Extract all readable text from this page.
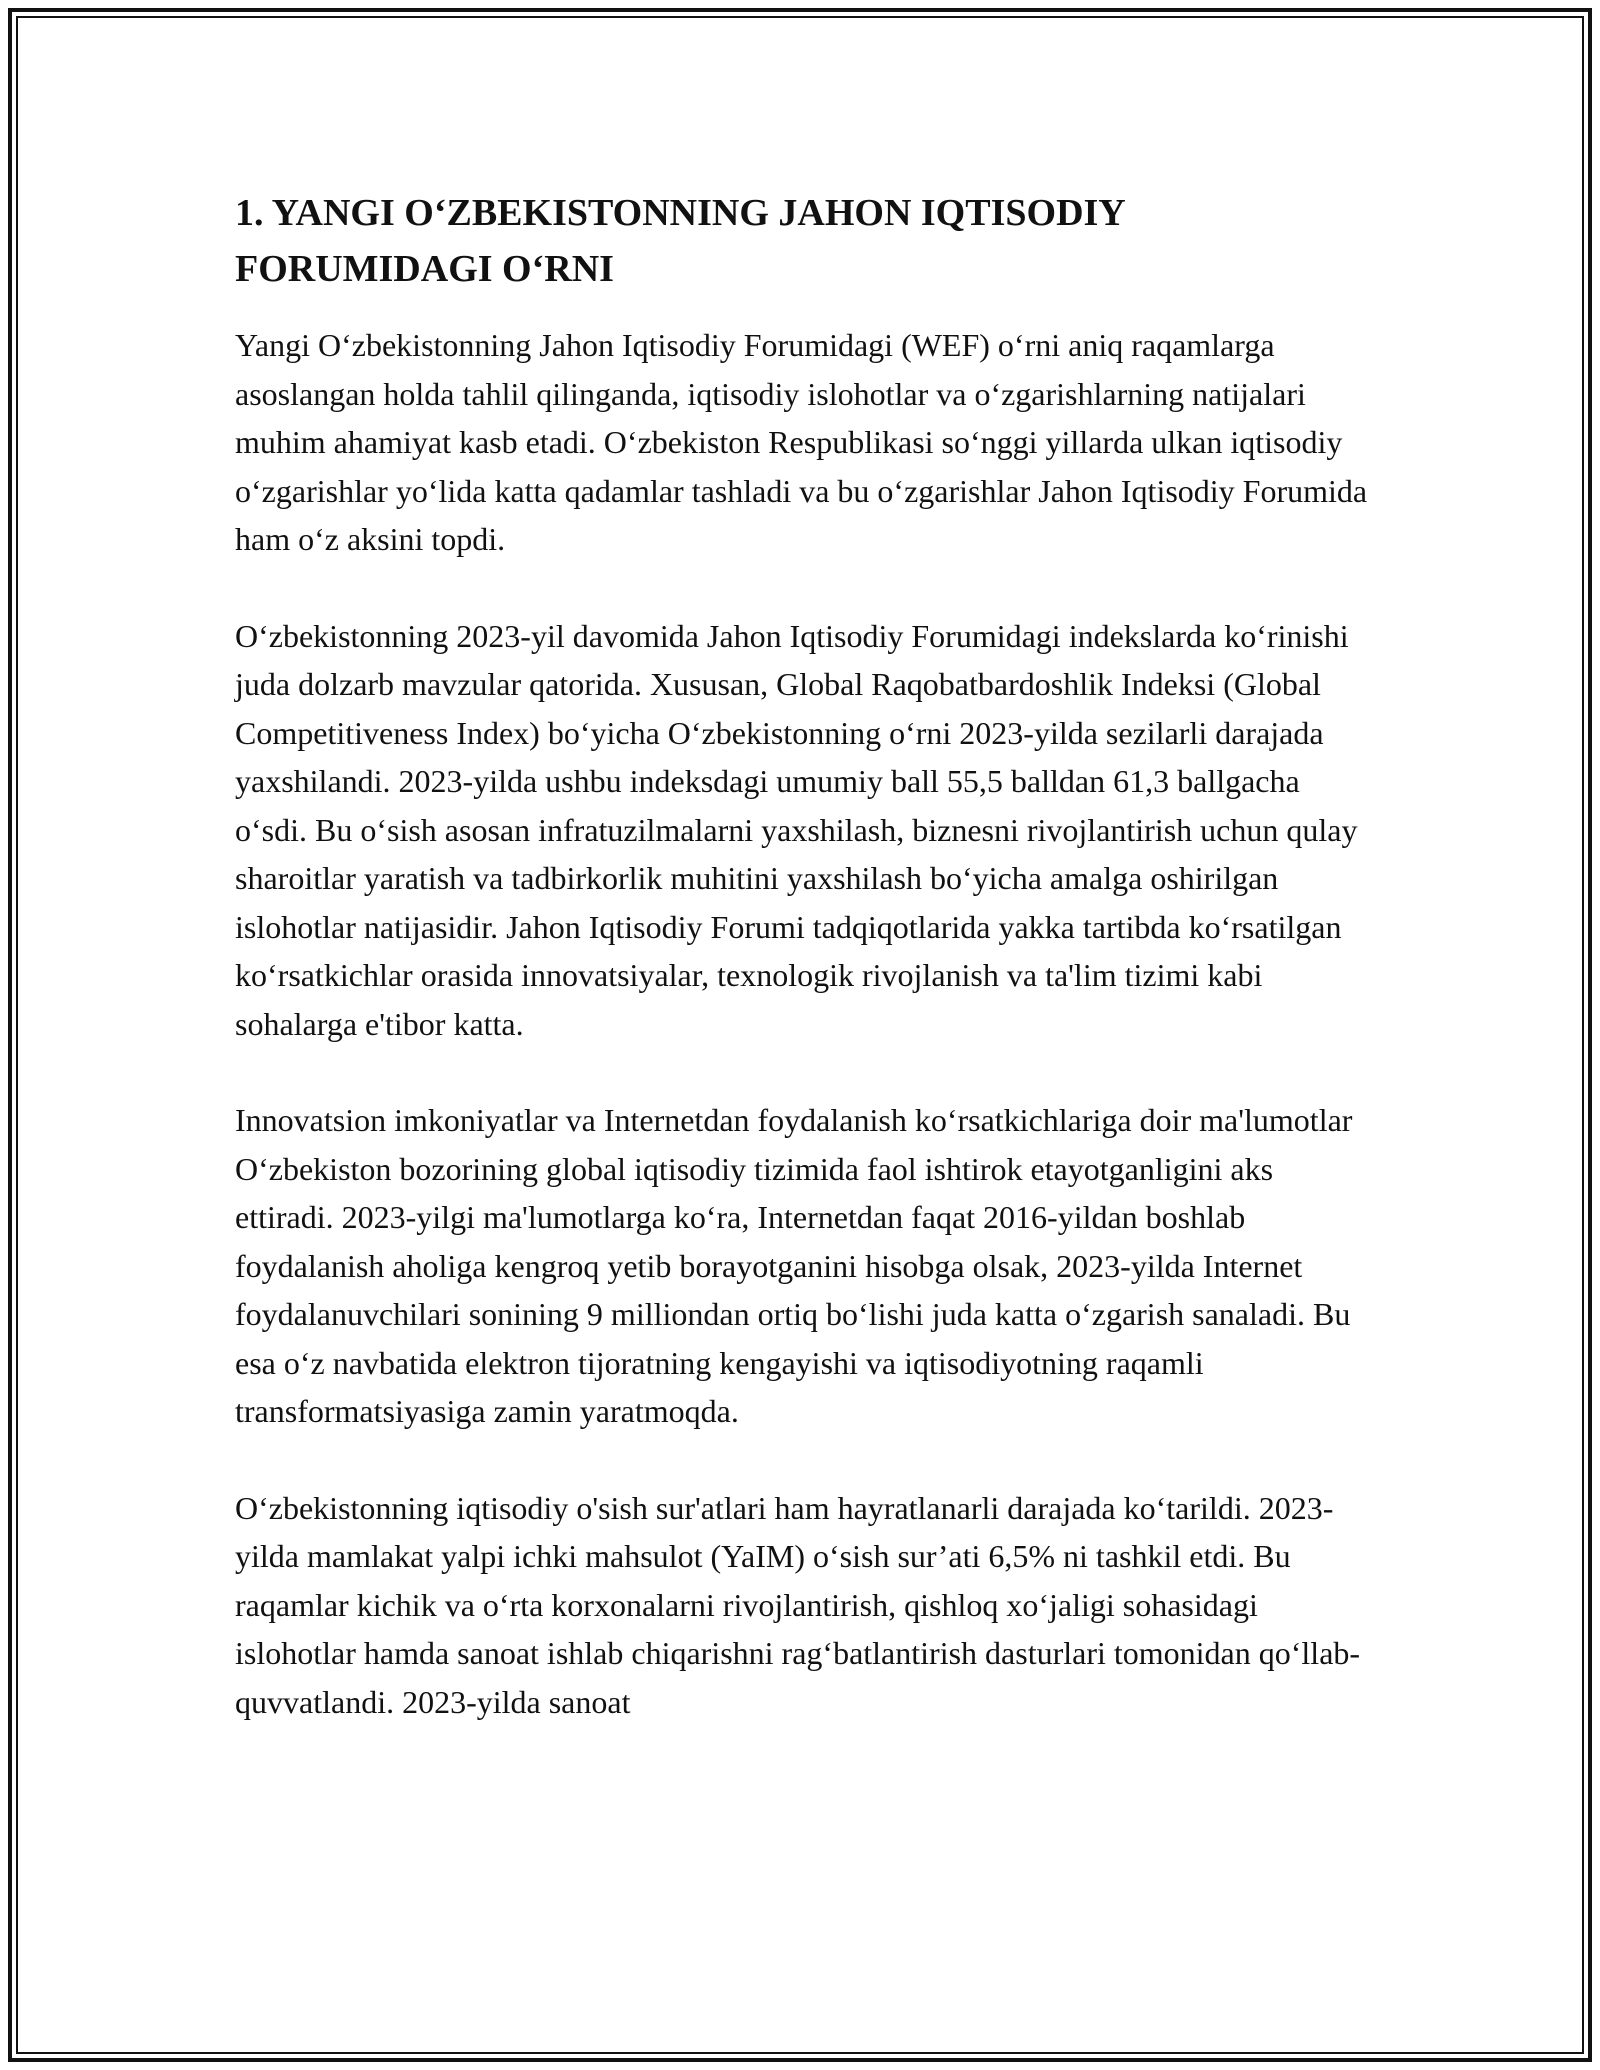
1. YANGI O‘ZBEKISTONNING JAHON IQTISODIY FORUMIDAGI O‘RNI

Yangi O‘zbekistonning Jahon Iqtisodiy Forumidagi (WEF) o‘rni aniq raqamlarga asoslangan holda tahlil qilinganda, iqtisodiy islohotlar va o‘zgarishlarning natijalari muhim ahamiyat kasb etadi. O‘zbekiston Respublikasi so‘nggi yillarda ulkan iqtisodiy o‘zgarishlar yo‘lida katta qadamlar tashladi va bu o‘zgarishlar Jahon Iqtisodiy Forumida ham o‘z aksini topdi.

O‘zbekistonning 2023-yil davomida Jahon Iqtisodiy Forumidagi indekslarda ko‘rinishi juda dolzarb mavzular qatorida. Xususan, Global Raqobatbardoshlik Indeksi (Global Competitiveness Index) bo‘yicha O‘zbekistonning o‘rni 2023-yilda sezilarli darajada yaxshilandi. 2023-yilda ushbu indeksdagi umumiy ball 55,5 balldan 61,3 ballgacha o‘sdi. Bu o‘sish asosan infratuzilmalarni yaxshilash, biznesni rivojlantirish uchun qulay sharoitlar yaratish va tadbirkorlik muhitini yaxshilash bo‘yicha amalga oshirilgan islohotlar natijasidir. Jahon Iqtisodiy Forumi tadqiqotlarida yakka tartibda ko‘rsatilgan ko‘rsatkichlar orasida innovatsiyalar, texnologik rivojlanish va ta'lim tizimi kabi sohalarga e'tibor katta.

Innovatsion imkoniyatlar va Internetdan foydalanish ko‘rsatkichlariga doir ma'lumotlar O‘zbekiston bozorining global iqtisodiy tizimida faol ishtirok etayotganligini aks ettiradi. 2023-yilgi ma'lumotlarga ko‘ra, Internetdan faqat 2016-yildan boshlab foydalanish aholiga kengroq yetib borayotganini hisobga olsak, 2023-yilda Internet foydalanuvchilari sonining 9 milliondan ortiq bo‘lishi juda katta o‘zgarish sanaladi. Bu esa o‘z navbatida elektron tijoratning kengayishi va iqtisodiyotning raqamli transformatsiyasiga zamin yaratmoqda.

O‘zbekistonning iqtisodiy o'sish sur'atlari ham hayratlanarli darajada ko‘tarildi. 2023-yilda mamlakat yalpi ichki mahsulot (YaIM) o‘sish sur’ati 6,5% ni tashkil etdi. Bu raqamlar kichik va o‘rta korxonalarni rivojlantirish, qishloq xo‘jaligi sohasidagi islohotlar hamda sanoat ishlab chiqarishni rag‘batlantirish dasturlari tomonidan qo‘llab-quvvatlandi. 2023-yilda sanoat
